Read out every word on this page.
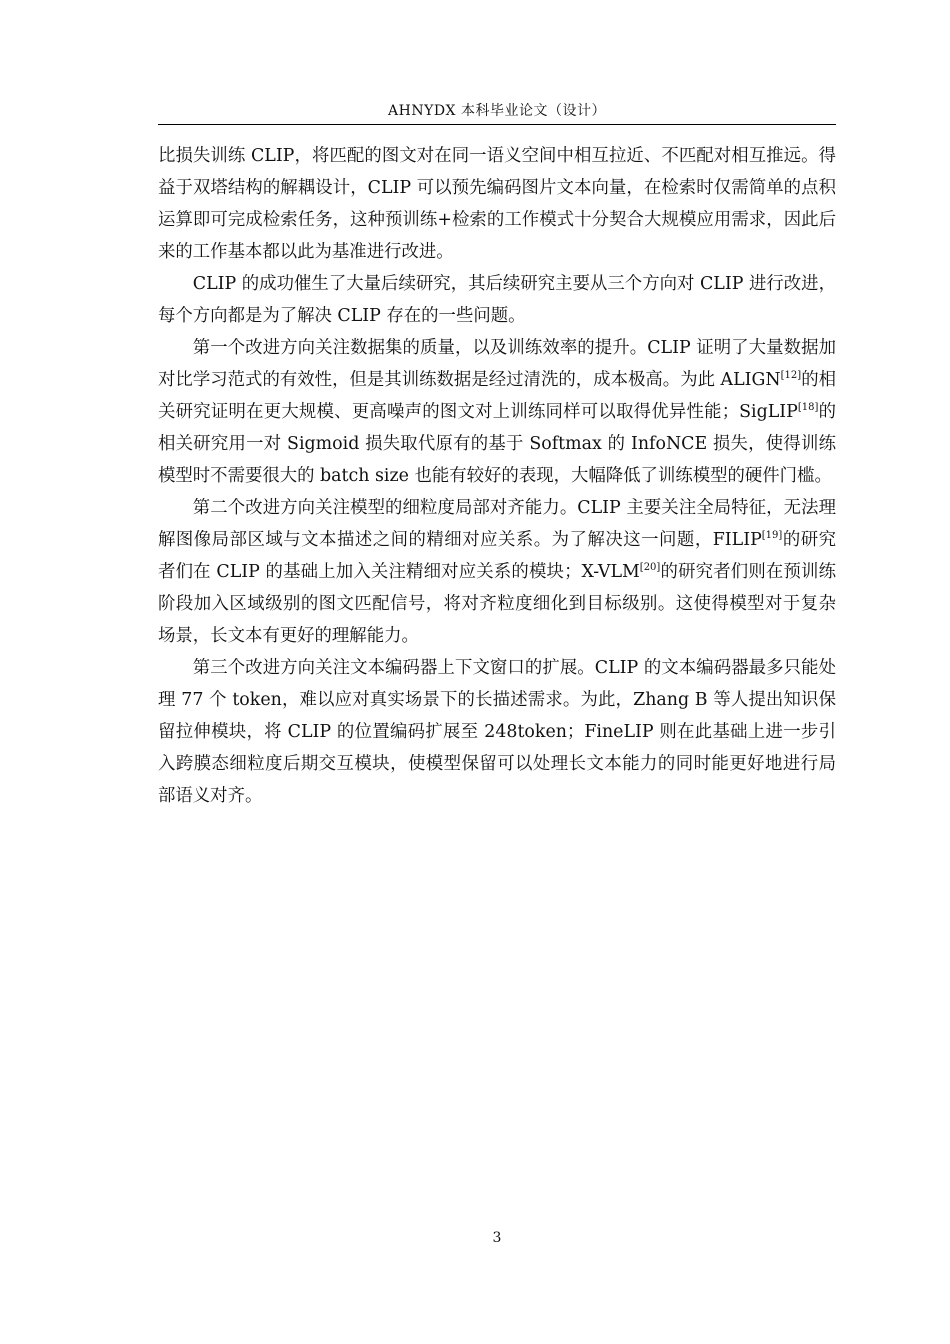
AHNYDX 本科毕业论文（设计）

比损失训练 CLIP，将匹配的图文对在同一语义空间中相互拉近、不匹配对相互推远。得益于双塔结构的解耦设计，CLIP 可以预先编码图片文本向量，在检索时仅需简单的点积运算即可完成检索任务，这种预训练+检索的工作模式十分契合大规模应用需求，因此后来的工作基本都以此为基准进行改进。

CLIP 的成功催生了大量后续研究，其后续研究主要从三个方向对 CLIP 进行改进，每个方向都是为了解决 CLIP 存在的一些问题。

第一个改进方向关注数据集的质量，以及训练效率的提升。CLIP 证明了大量数据加对比学习范式的有效性，但是其训练数据是经过清洗的，成本极高。为此 ALIGN[12]的相关研究证明在更大规模、更高噪声的图文对上训练同样可以取得优异性能；SigLIP[18]的相关研究用一对 Sigmoid 损失取代原有的基于 Softmax 的 InfoNCE 损失，使得训练模型时不需要很大的 batch size 也能有较好的表现，大幅降低了训练模型的硬件门槛。

第二个改进方向关注模型的细粒度局部对齐能力。CLIP 主要关注全局特征，无法理解图像局部区域与文本描述之间的精细对应关系。为了解决这一问题，FILIP[19]的研究者们在 CLIP 的基础上加入关注精细对应关系的模块；X-VLM[20]的研究者们则在预训练阶段加入区域级别的图文匹配信号，将对齐粒度细化到目标级别。这使得模型对于复杂场景，长文本有更好的理解能力。

第三个改进方向关注文本编码器上下文窗口的扩展。CLIP 的文本编码器最多只能处理 77 个 token，难以应对真实场景下的长描述需求。为此，Zhang B 等人提出知识保留拉伸模块，将 CLIP 的位置编码扩展至 248token；FineLIP 则在此基础上进一步引入跨膜态细粒度后期交互模块，使模型保留可以处理长文本能力的同时能更好地进行局部语义对齐。

3
